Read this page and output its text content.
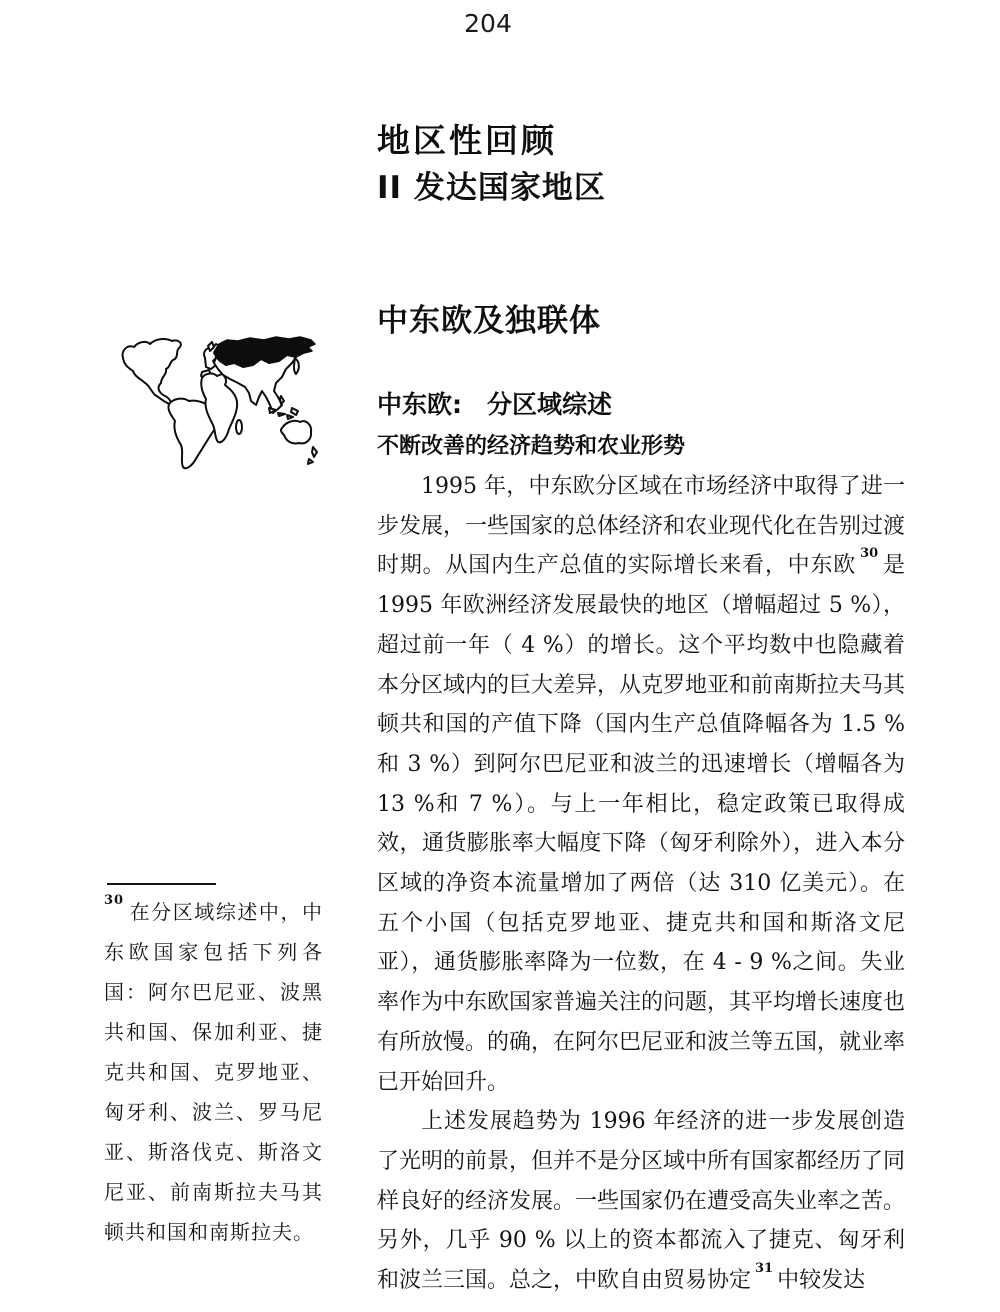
204
地区性回顾
II 发达国家地区
中东欧及独联体
中东欧:　分区域综述
不断改善的经济趋势和农业形势

1995 年，中东欧分区域在市场经济中取得了进一步发展，一些国家的总体经济和农业现代化在告别过渡时期。从国内生产总值的实际增长来看，中东欧 $^{30}$ 是 1995 年欧洲经济发展最快的地区（增幅超过 5 %），超过前一年（ 4 %）的增长。这个平均数中也隐藏着本分区域内的巨大差异，从克罗地亚和前南斯拉夫马其顿共和国的产值下降（国内生产总值降幅各为 1.5 %和 3 %）到阿尔巴尼亚和波兰的迅速增长（增幅各为 13 %和 7 %）。与上一年相比，稳定政策已取得成效，通货膨胀率大幅度下降（匈牙利除外），进入本分区域的净资本流量增加了两倍（达 310 亿美元）。在五个小国（包括克罗地亚、捷克共和国和斯洛文尼亚），通货膨胀率降为一位数，在 4 - 9 %之间。失业率作为中东欧国家普遍关注的问题，其平均增长速度也有所放慢。的确，在阿尔巴尼亚和波兰等五国，就业率已开始回升。

上述发展趋势为 1996 年经济的进一步发展创造了光明的前景，但并不是分区域中所有国家都经历了同样良好的经济发展。一些国家仍在遭受高失业率之苦。另外，几乎 90 % 以上的资本都流入了捷克、匈牙利和波兰三国。总之，中欧自由贸易协定 $^{31}$ 中较发达

$^{30}$ 在分区域综述中，中东欧国家包括下列各国：阿尔巴尼亚、波黑共和国、保加利亚、捷克共和国、克罗地亚、匈牙利、波兰、罗马尼亚、斯洛伐克、斯洛文尼亚、前南斯拉夫马其顿共和国和南斯拉夫。
